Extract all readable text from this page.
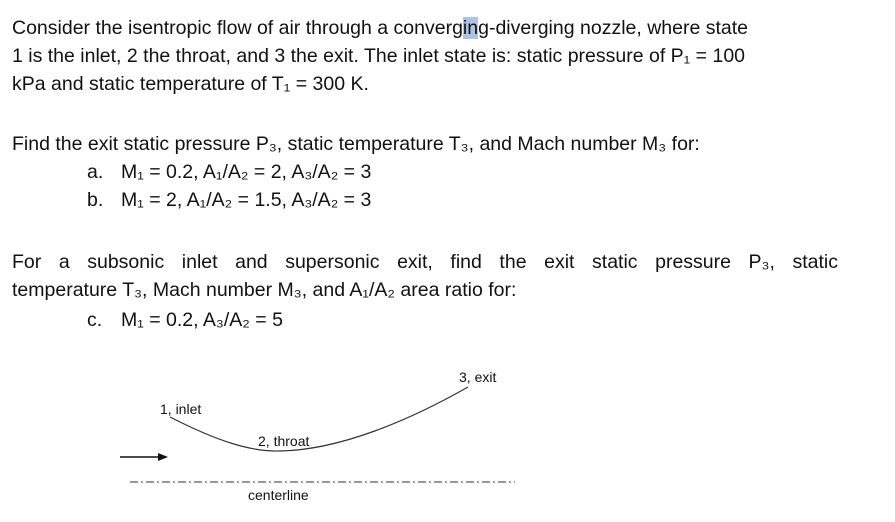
Consider the isentropic flow of air through a converging-diverging nozzle, where state
1 is the inlet, 2 the throat, and 3 the exit. The inlet state is: static pressure of P₁ = 100
kPa and static temperature of T₁ = 300 K.
Find the exit static pressure P₃, static temperature T₃, and Mach number M₃ for:
a. M₁ = 0.2, A₁/A₂ = 2, A₃/A₂ = 3
b. M₁ = 2, A₁/A₂ = 1.5, A₃/A₂ = 3
For a subsonic inlet and supersonic exit, find the exit static pressure P₃, static
temperature T₃, Mach number M₃, and A₁/A₂ area ratio for:
c. M₁ = 0.2, A₃/A₂ = 5
1, inlet
2, throat
3, exit
centerline
